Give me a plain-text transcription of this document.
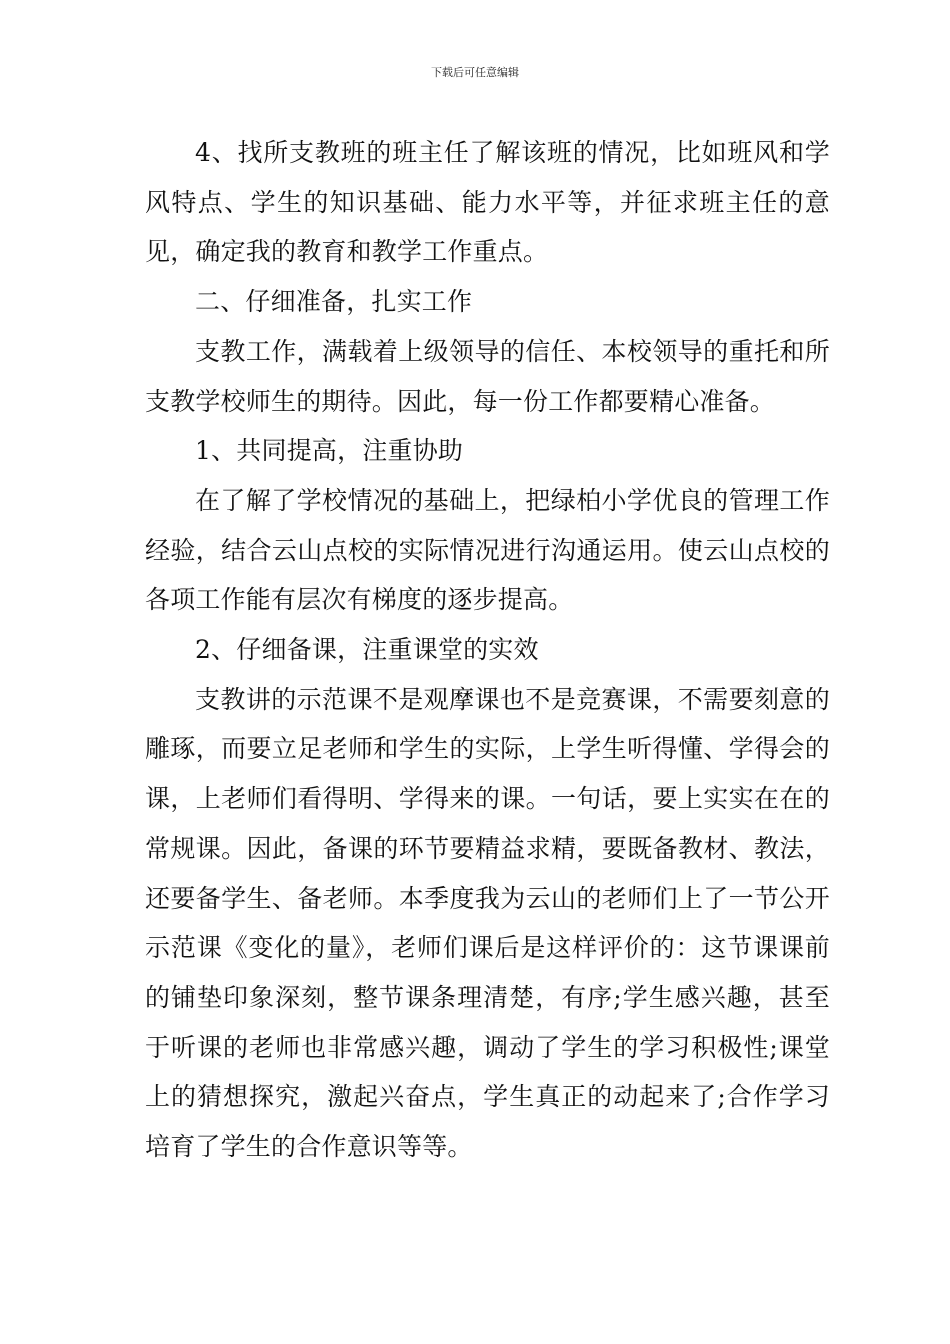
下载后可任意编辑

4、找所支教班的班主任了解该班的情况，比如班风和学风特点、学生的知识基础、能力水平等，并征求班主任的意见，确定我的教育和教学工作重点。

二、仔细准备，扎实工作

支教工作，满载着上级领导的信任、本校领导的重托和所支教学校师生的期待。因此，每一份工作都要精心准备。

1、共同提高，注重协助

在了解了学校情况的基础上，把绿柏小学优良的管理工作经验，结合云山点校的实际情况进行沟通运用。使云山点校的各项工作能有层次有梯度的逐步提高。

2、仔细备课，注重课堂的实效

支教讲的示范课不是观摩课也不是竞赛课，不需要刻意的雕琢，而要立足老师和学生的实际，上学生听得懂、学得会的课，上老师们看得明、学得来的课。一句话，要上实实在在的常规课。因此，备课的环节要精益求精，要既备教材、教法，还要备学生、备老师。本季度我为云山的老师们上了一节公开示范课《变化的量》，老师们课后是这样评价的：这节课课前的铺垫印象深刻，整节课条理清楚，有序;学生感兴趣，甚至于听课的老师也非常感兴趣，调动了学生的学习积极性;课堂上的猜想探究，激起兴奋点，学生真正的动起来了;合作学习培育了学生的合作意识等等。
